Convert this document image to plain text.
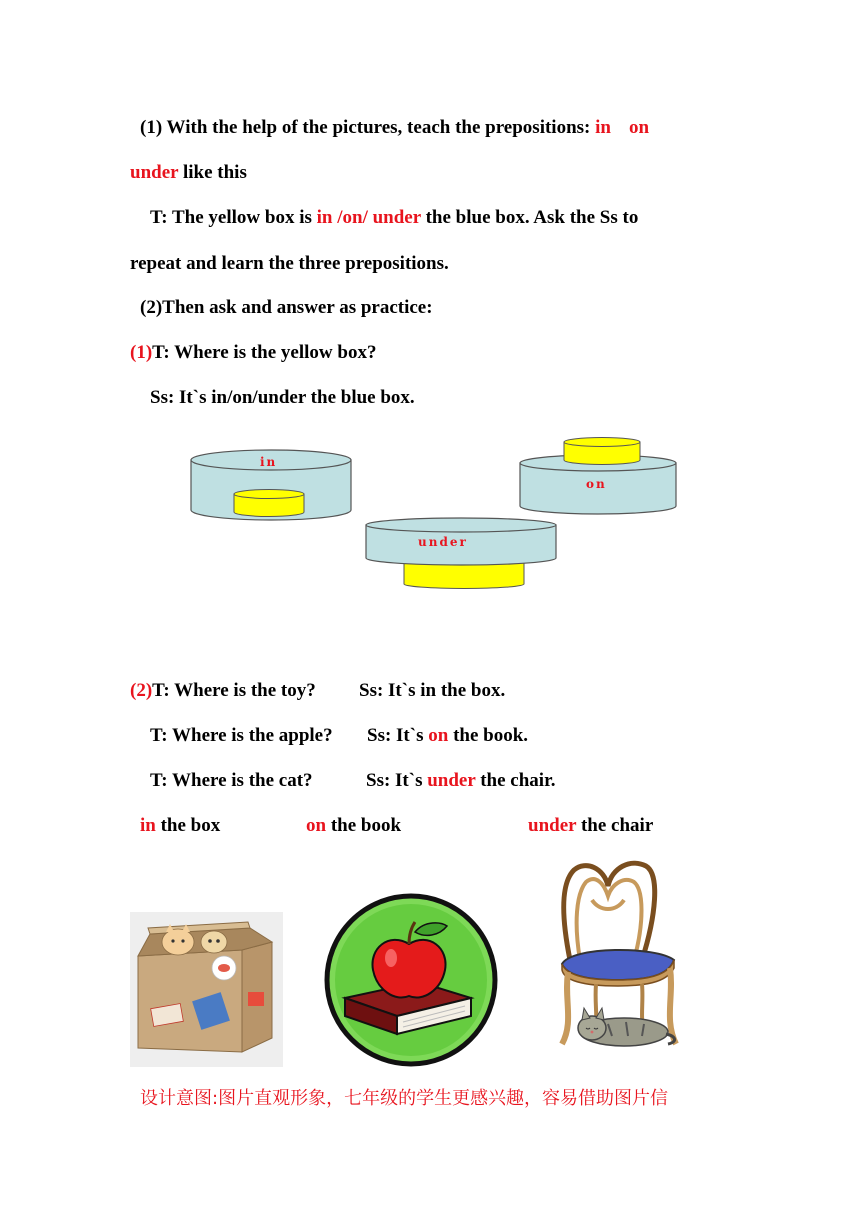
(1) With the help of the pictures, teach the prepositions: in on
under like this
T: The yellow box is in /on/ under the blue box. Ask the Ss to
repeat and learn the three prepositions.
(2)Then ask and answer as practice:
(1)T: Where is the yellow box?
Ss: It`s in/on/under the blue box.
in
on
under
(2)T: Where is the toy? Ss: It`s in the box.
T: Where is the apple? Ss: It`s on the book.
T: Where is the cat?	Ss: It`s under the chair.
in the box	on the book	under the chair
设计意图:图片直观形象，七年级的学生更感兴趣，容易借助图片信
